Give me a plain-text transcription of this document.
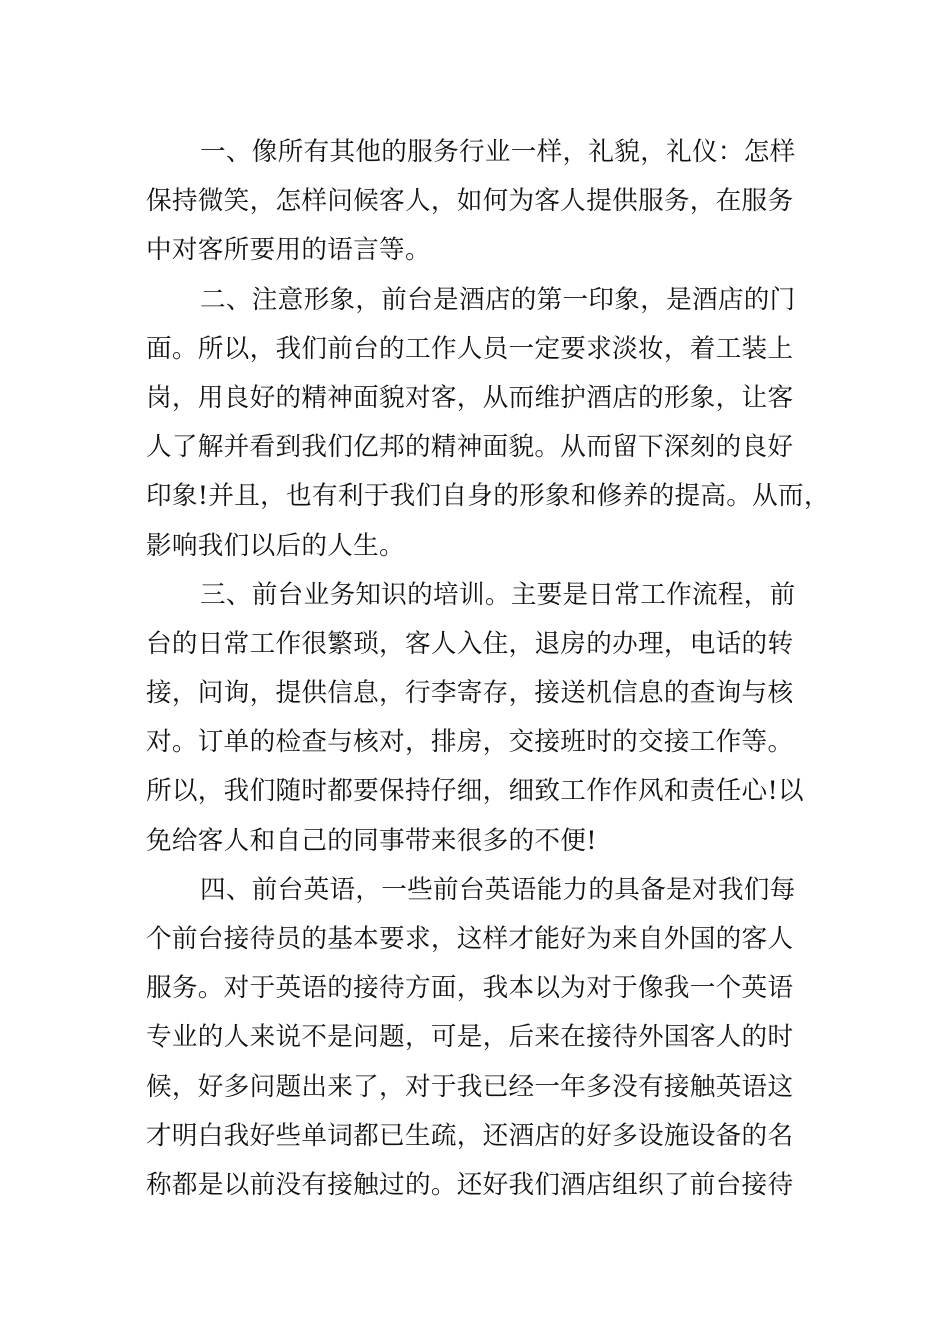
一、像所有其他的服务行业一样，礼貌，礼仪：怎样
保持微笑，怎样问候客人，如何为客人提供服务，在服务
中对客所要用的语言等。
二、注意形象，前台是酒店的第一印象，是酒店的门
面。所以，我们前台的工作人员一定要求淡妆，着工装上
岗，用良好的精神面貌对客，从而维护酒店的形象，让客
人了解并看到我们亿邦的精神面貌。从而留下深刻的良好
印象!并且，也有利于我们自身的形象和修养的提高。从而，
影响我们以后的人生。
三、前台业务知识的培训。主要是日常工作流程，前
台的日常工作很繁琐，客人入住，退房的办理，电话的转
接，问询，提供信息，行李寄存，接送机信息的查询与核
对。订单的检查与核对，排房，交接班时的交接工作等。
所以，我们随时都要保持仔细，细致工作作风和责任心!以
免给客人和自己的同事带来很多的不便!
四、前台英语，一些前台英语能力的具备是对我们每
个前台接待员的基本要求，这样才能好为来自外国的客人
服务。对于英语的接待方面，我本以为对于像我一个英语
专业的人来说不是问题，可是，后来在接待外国客人的时
候，好多问题出来了，对于我已经一年多没有接触英语这
才明白我好些单词都已生疏，还酒店的好多设施设备的名
称都是以前没有接触过的。还好我们酒店组织了前台接待
